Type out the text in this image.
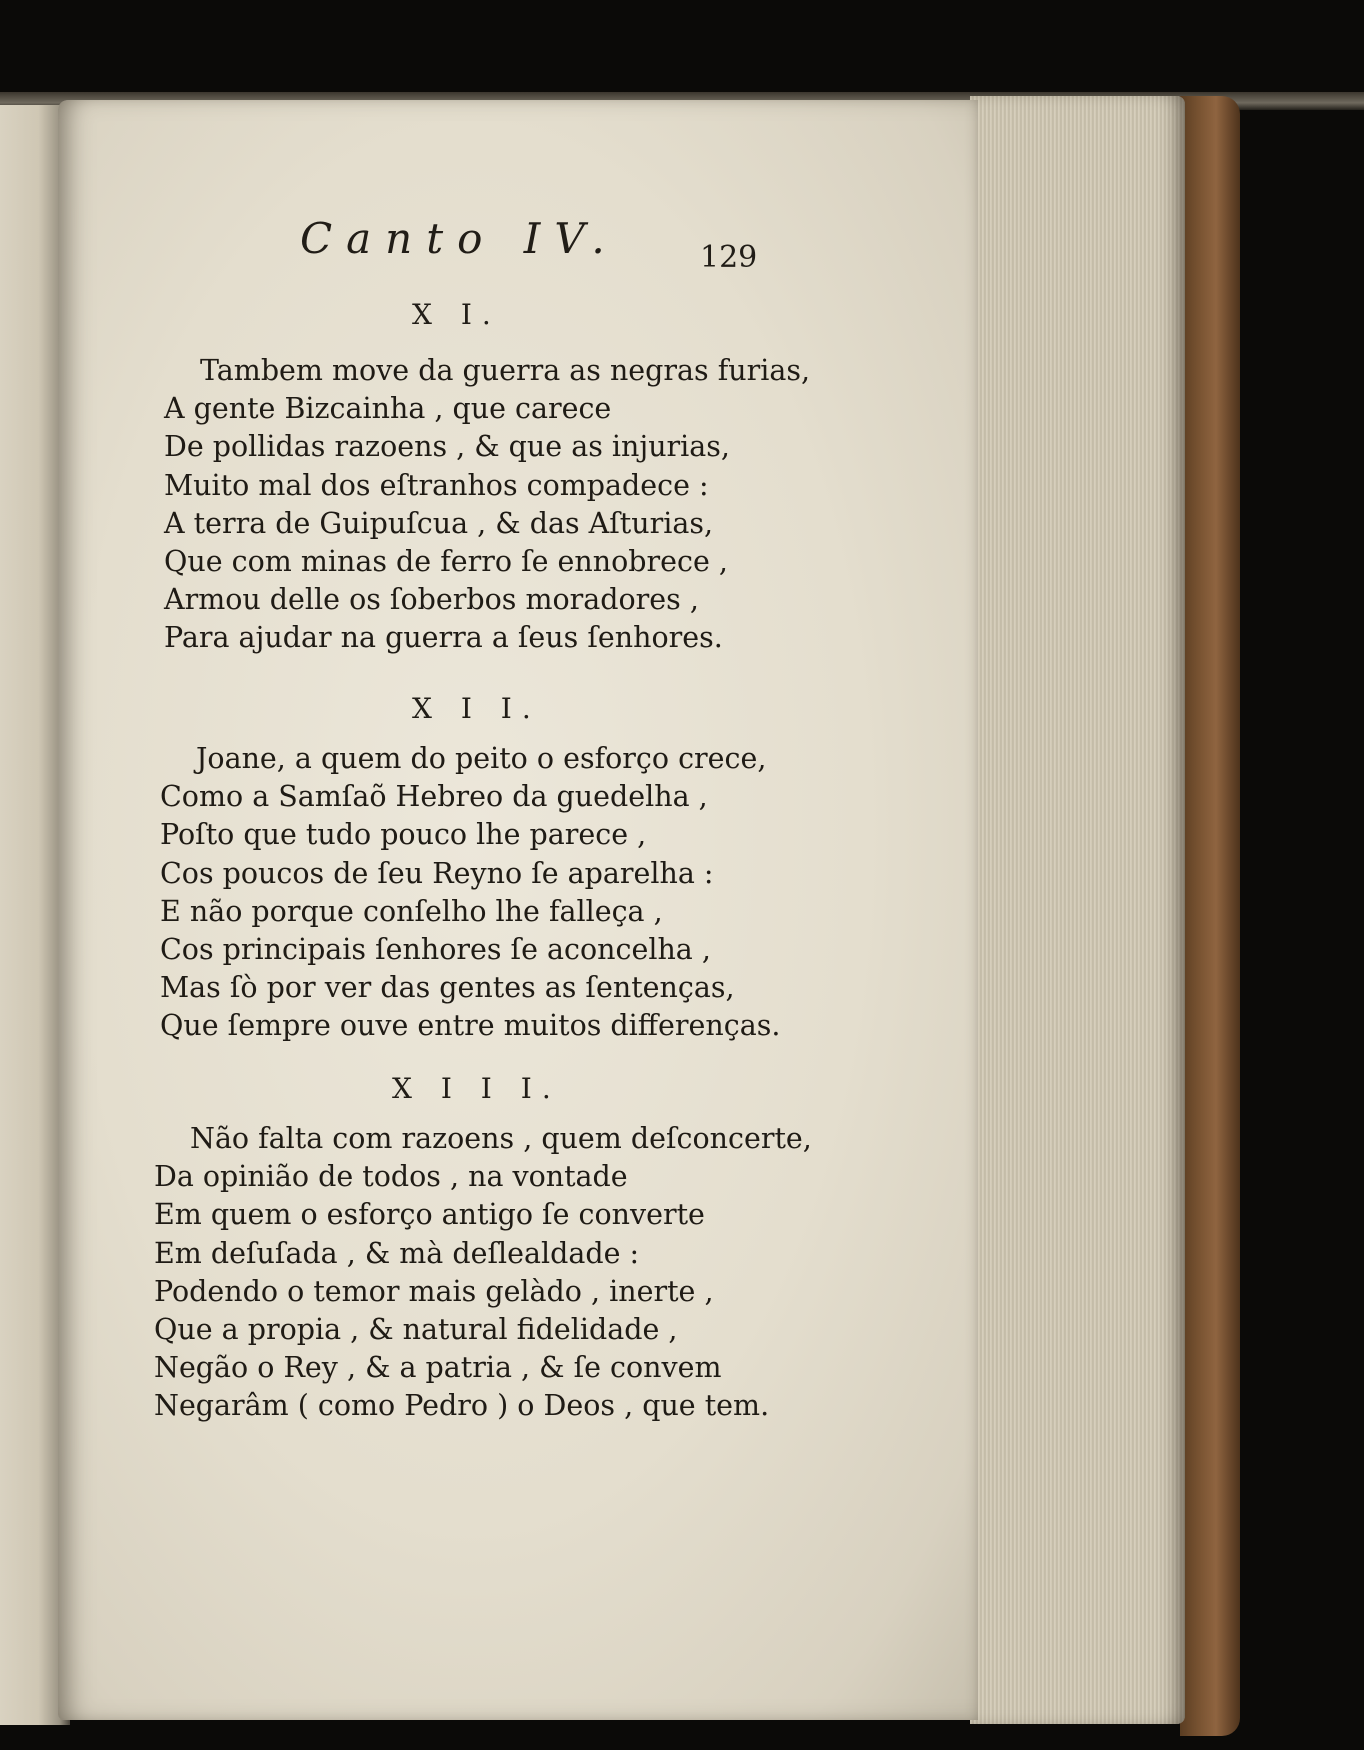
Canto IV.	129
X I.
Tambem move da guerra as negras furias,
A gente Bizcainha , que carece
De pollidas razoens , & que as injurias,
Muito mal dos eſtranhos compadece :
A terra de Guipuſcua , & das Aſturias,
Que com minas de ferro ſe ennobrece ,
Armou delle os ſoberbos moradores ,
Para ajudar na guerra a ſeus ſenhores.
X I I.
Joane, a quem do peito o esforço crece,
Como a Samſaõ Hebreo da guedelha ,
Poſto que tudo pouco lhe parece ,
Cos poucos de ſeu Reyno ſe aparelha :
E não porque conſelho lhe falleça ,
Cos principais ſenhores ſe aconcelha ,
Mas ſò por ver das gentes as ſentenças,
Que ſempre ouve entre muitos differenças.
X I I I.
Não falta com razoens , quem deſconcerte,
Da opinião de todos , na vontade
Em quem o esforço antigo ſe converte
Em deſuſada , & mà deſlealdade :
Podendo o temor mais gelàdo , inerte ,
Que a propia , & natural fidelidade ,
Negão o Rey , & a patria , & ſe convem
Negarâm ( como Pedro ) o Deos , que tem.
